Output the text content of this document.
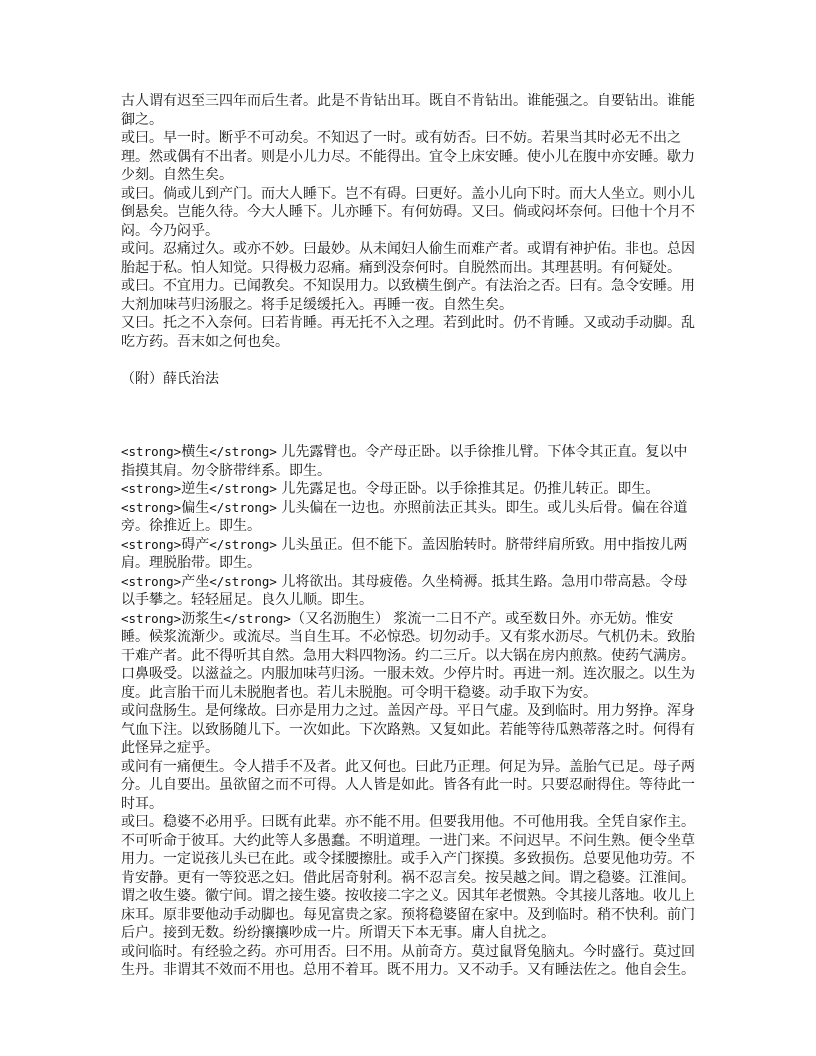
古人谓有迟至三四年而后生者。此是不肯钻出耳。既自不肯钻出。谁能强之。自要钻出。谁能御之。

或曰。早一时。断乎不可动矣。不知迟了一时。或有妨否。曰不妨。若果当其时必无不出之理。然或偶有不出者。则是小儿力尽。不能得出。宜令上床安睡。使小儿在腹中亦安睡。歇力少刻。自然生矣。

或曰。倘或儿到产门。而大人睡下。岂不有碍。曰更好。盖小儿向下时。而大人坐立。则小儿倒悬矣。岂能久待。今大人睡下。儿亦睡下。有何妨碍。又曰。倘或闷坏奈何。曰他十个月不闷。今乃闷乎。

或问。忍痛过久。或亦不妙。曰最妙。从未闻妇人偷生而难产者。或谓有神护佑。非也。总因胎起于私。怕人知觉。只得极力忍痛。痛到没奈何时。自脱然而出。其理甚明。有何疑处。

或曰。不宜用力。已闻教矣。不知误用力。以致横生倒产。有法治之否。曰有。急令安睡。用大剂加味芎归汤服之。将手足缓缓托入。再睡一夜。自然生矣。

又曰。托之不入奈何。曰若肯睡。再无托不入之理。若到此时。仍不肯睡。又或动手动脚。乱吃方药。吾末如之何也矣。

（附）薛氏治法

<strong>横生</strong> 儿先露臂也。令产母正卧。以手徐推儿臂。下体令其正直。复以中指摸其肩。勿令脐带绊系。即生。

<strong>逆生</strong> 儿先露足也。令母正卧。以手徐推其足。仍推儿转正。即生。

<strong>偏生</strong> 儿头偏在一边也。亦照前法正其头。即生。或儿头后骨。偏在谷道旁。徐推近上。即生。

<strong>碍产</strong> 儿头虽正。但不能下。盖因胎转时。脐带绊肩所致。用中指按儿两肩。理脱胎带。即生。

<strong>产坐</strong> 儿将欲出。其母疲倦。久坐椅褥。抵其生路。急用巾带高悬。令母以手攀之。轻轻屈足。良久儿顺。即生。

<strong>沥浆生</strong>（又名沥胞生） 浆流一二日不产。或至数日外。亦无妨。惟安睡。候浆流渐少。或流尽。当自生耳。不必惊恐。切勿动手。又有浆水沥尽。气机仍未。致胎干难产者。此不得听其自然。急用大料四物汤。约二三斤。以大锅在房内煎熬。使药气满房。口鼻吸受。以滋益之。内服加味芎归汤。一服未效。少停片时。再进一剂。连次服之。以生为度。此言胎干而儿未脱胞者也。若儿未脱胞。可令明干稳婆。动手取下为安。

或问盘肠生。是何缘故。曰亦是用力之过。盖因产母。平日气虚。及到临时。用力努挣。浑身气血下注。以致肠随儿下。一次如此。下次路熟。又复如此。若能等待瓜熟蒂落之时。何得有此怪异之症乎。

或问有一痛便生。令人措手不及者。此又何也。曰此乃正理。何足为异。盖胎气已足。母子两分。儿自要出。虽欲留之而不可得。人人皆是如此。皆各有此一时。只要忍耐得住。等待此一时耳。

或曰。稳婆不必用乎。曰既有此辈。亦不能不用。但要我用他。不可他用我。全凭自家作主。不可听命于彼耳。大约此等人多愚蠢。不明道理。一进门来。不问迟早。不问生熟。便令坐草用力。一定说孩儿头已在此。或令揉腰擦肚。或手入产门探摸。多致损伤。总要见他功劳。不肯安静。更有一等狡恶之妇。借此居奇射利。祸不忍言矣。按吴越之间。谓之稳婆。江淮间。谓之收生婆。徽宁间。谓之接生婆。按收接二字之义。因其年老惯熟。令其接儿落地。收儿上床耳。原非要他动手动脚也。每见富贵之家。预将稳婆留在家中。及到临时。稍不快利。前门后户。接到无数。纷纷攘攘吵成一片。所谓天下本无事。庸人自扰之。

或问临时。有经验之药。亦可用否。曰不用。从前奇方。莫过鼠肾兔脑丸。今时盛行。莫过回生丹。非谓其不效而不用也。总用不着耳。既不用力。又不动手。又有睡法佐之。他自会生。
